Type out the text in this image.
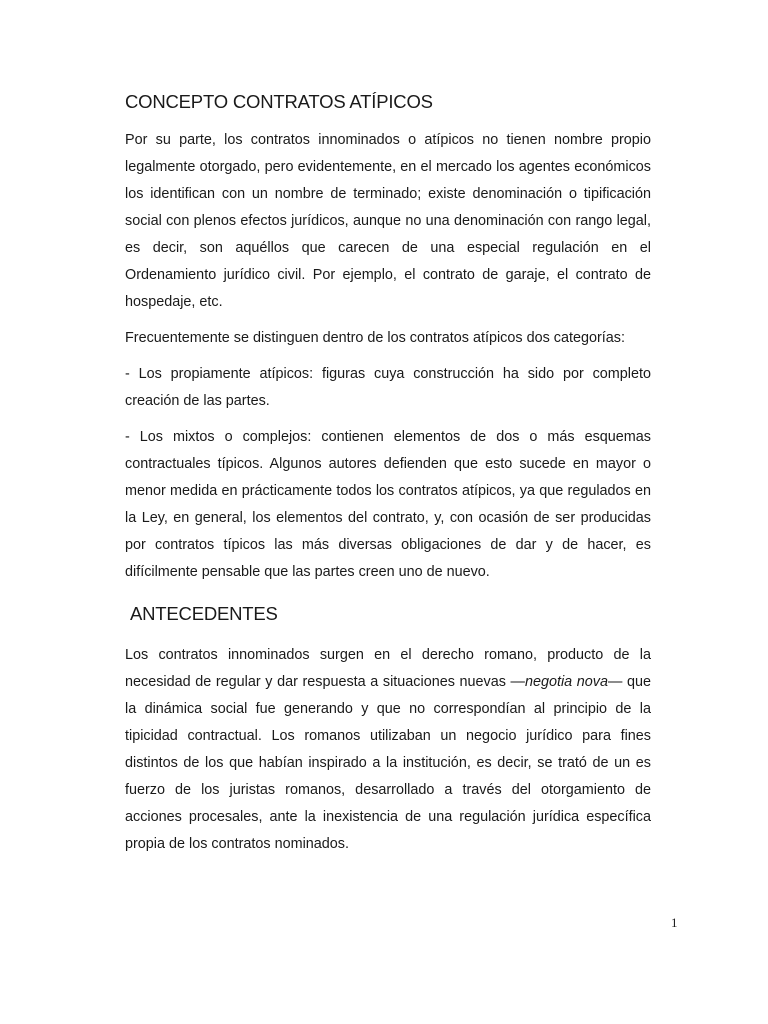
CONCEPTO CONTRATOS ATÍPICOS

Por su parte, los contratos innominados o atípicos no tienen nombre propio legalmente otorgado, pero evidentemente, en el mercado los agentes económicos los identifican con un nombre de terminado; existe denominación o tipificación social con plenos efectos jurídicos, aunque no una denominación con rango legal, es decir, son aquéllos que carecen de una especial regulación en el Ordenamiento jurídico civil. Por ejemplo, el contrato de garaje, el contrato de hospedaje, etc.

Frecuentemente se distinguen dentro de los contratos atípicos dos categorías:

- Los propiamente atípicos: figuras cuya construcción ha sido por completo creación de las partes.

- Los mixtos o complejos: contienen elementos de dos o más esquemas contractuales típicos. Algunos autores defienden que esto sucede en mayor o menor medida en prácticamente todos los contratos atípicos, ya que regulados en la Ley, en general, los elementos del contrato, y, con ocasión de ser producidas por contratos típicos las más diversas obligaciones de dar y de hacer, es difícilmente pensable que las partes creen uno de nuevo.

ANTECEDENTES

Los contratos innominados surgen en el derecho romano, producto de la necesidad de regular y dar respuesta a situaciones nuevas —negotia nova— que la dinámica social fue generando y que no correspondían al principio de la tipicidad contractual. Los romanos utilizaban un negocio jurídico para fines distintos de los que habían inspirado a la institución, es decir, se trató de un es fuerzo de los juristas romanos, desarrollado a través del otorgamiento de acciones procesales, ante la inexistencia de una regulación jurídica específica propia de los contratos nominados.

1
